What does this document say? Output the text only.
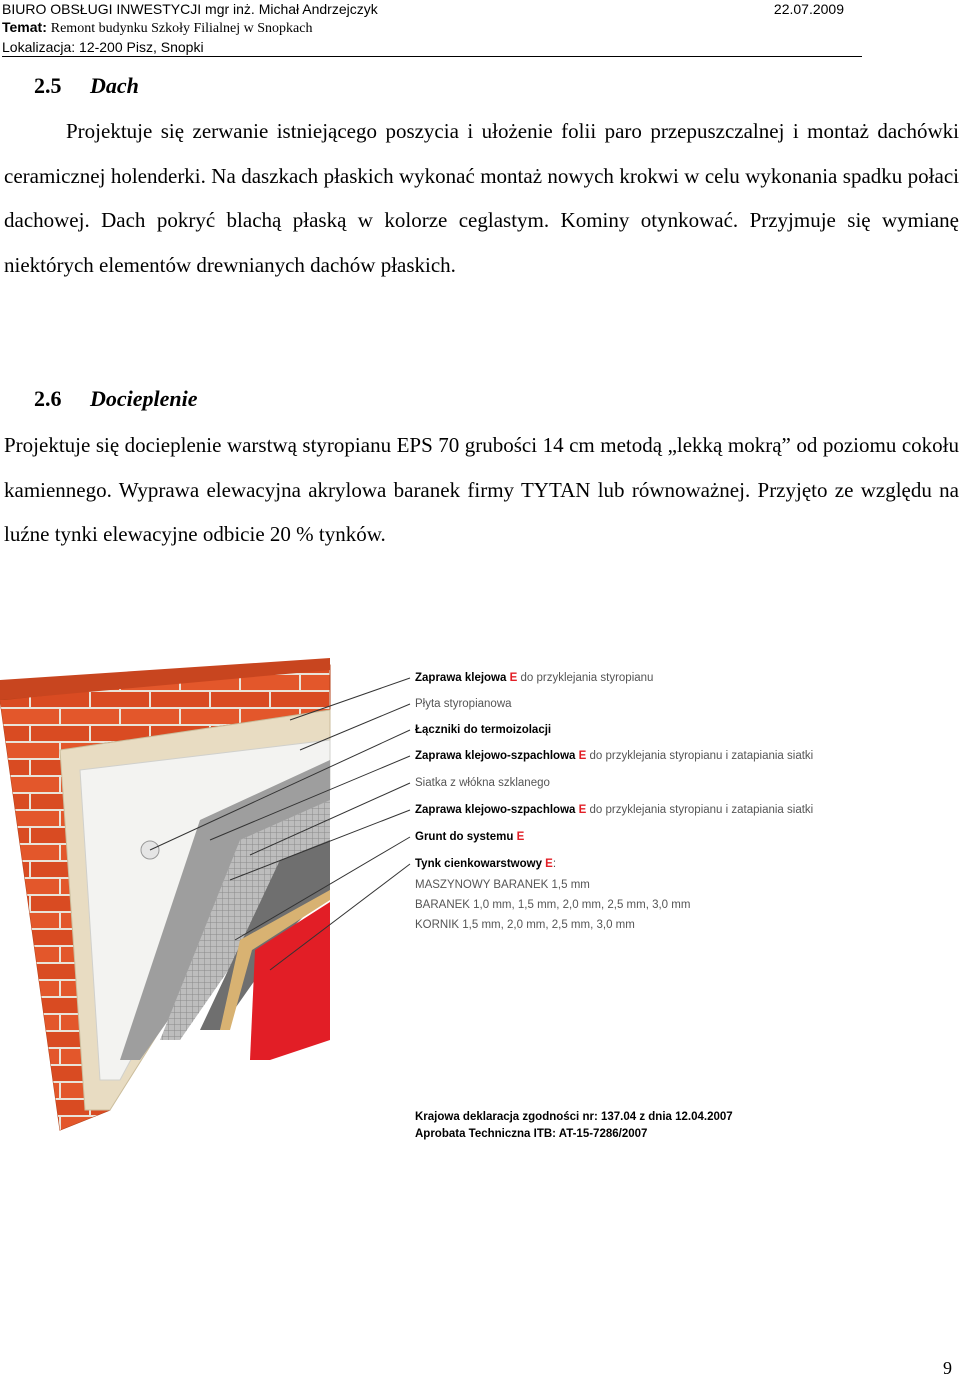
BIURO OBSŁUGI INWESTYCJI mgr inż. Michał Andrzejczyk	22.07.2009
Temat: Remont budynku Szkoły Filialnej w Snopkach
Lokalizacja: 12-200 Pisz, Snopki
2.5 Dach
Projektuje się zerwanie istniejącego poszycia i ułożenie folii paro przepuszczalnej i montaż dachówki ceramicznej holenderki. Na daszkach płaskich wykonać montaż nowych krokwi w celu wykonania spadku połaci dachowej. Dach pokryć blachą płaską w kolorze ceglastym. Kominy otynkować. Przyjmuje się wymianę niektórych elementów drewnianych dachów płaskich.
2.6 Docieplenie
Projektuje się docieplenie warstwą styropianu EPS 70 grubości 14 cm metodą „lekką mokrą” od poziomu cokołu kamiennego. Wyprawa elewacyjna akrylowa baranek firmy TYTAN lub równoważnej. Przyjęto ze względu na luźne tynki elewacyjne odbicie 20 % tynków.
Zaprawa klejowa E do przyklejania styropianu
Płyta styropianowa
Łączniki do termoizolacji
Zaprawa klejowo-szpachlowa E do przyklejania styropianu i zatapiania siatki
Siatka z włókna szklanego
Zaprawa klejowo-szpachlowa E do przyklejania styropianu i zatapiania siatki
Grunt do systemu E
Tynk cienkowarstwowy E:
MASZYNOWY BARANEK 1,5 mm
BARANEK 1,0 mm, 1,5 mm, 2,0 mm, 2,5 mm, 3,0 mm
KORNIK 1,5 mm, 2,0 mm, 2,5 mm, 3,0 mm
Krajowa deklaracja zgodności nr: 137.04 z dnia 12.04.2007
Aprobata Techniczna ITB: AT-15-7286/2007
9
